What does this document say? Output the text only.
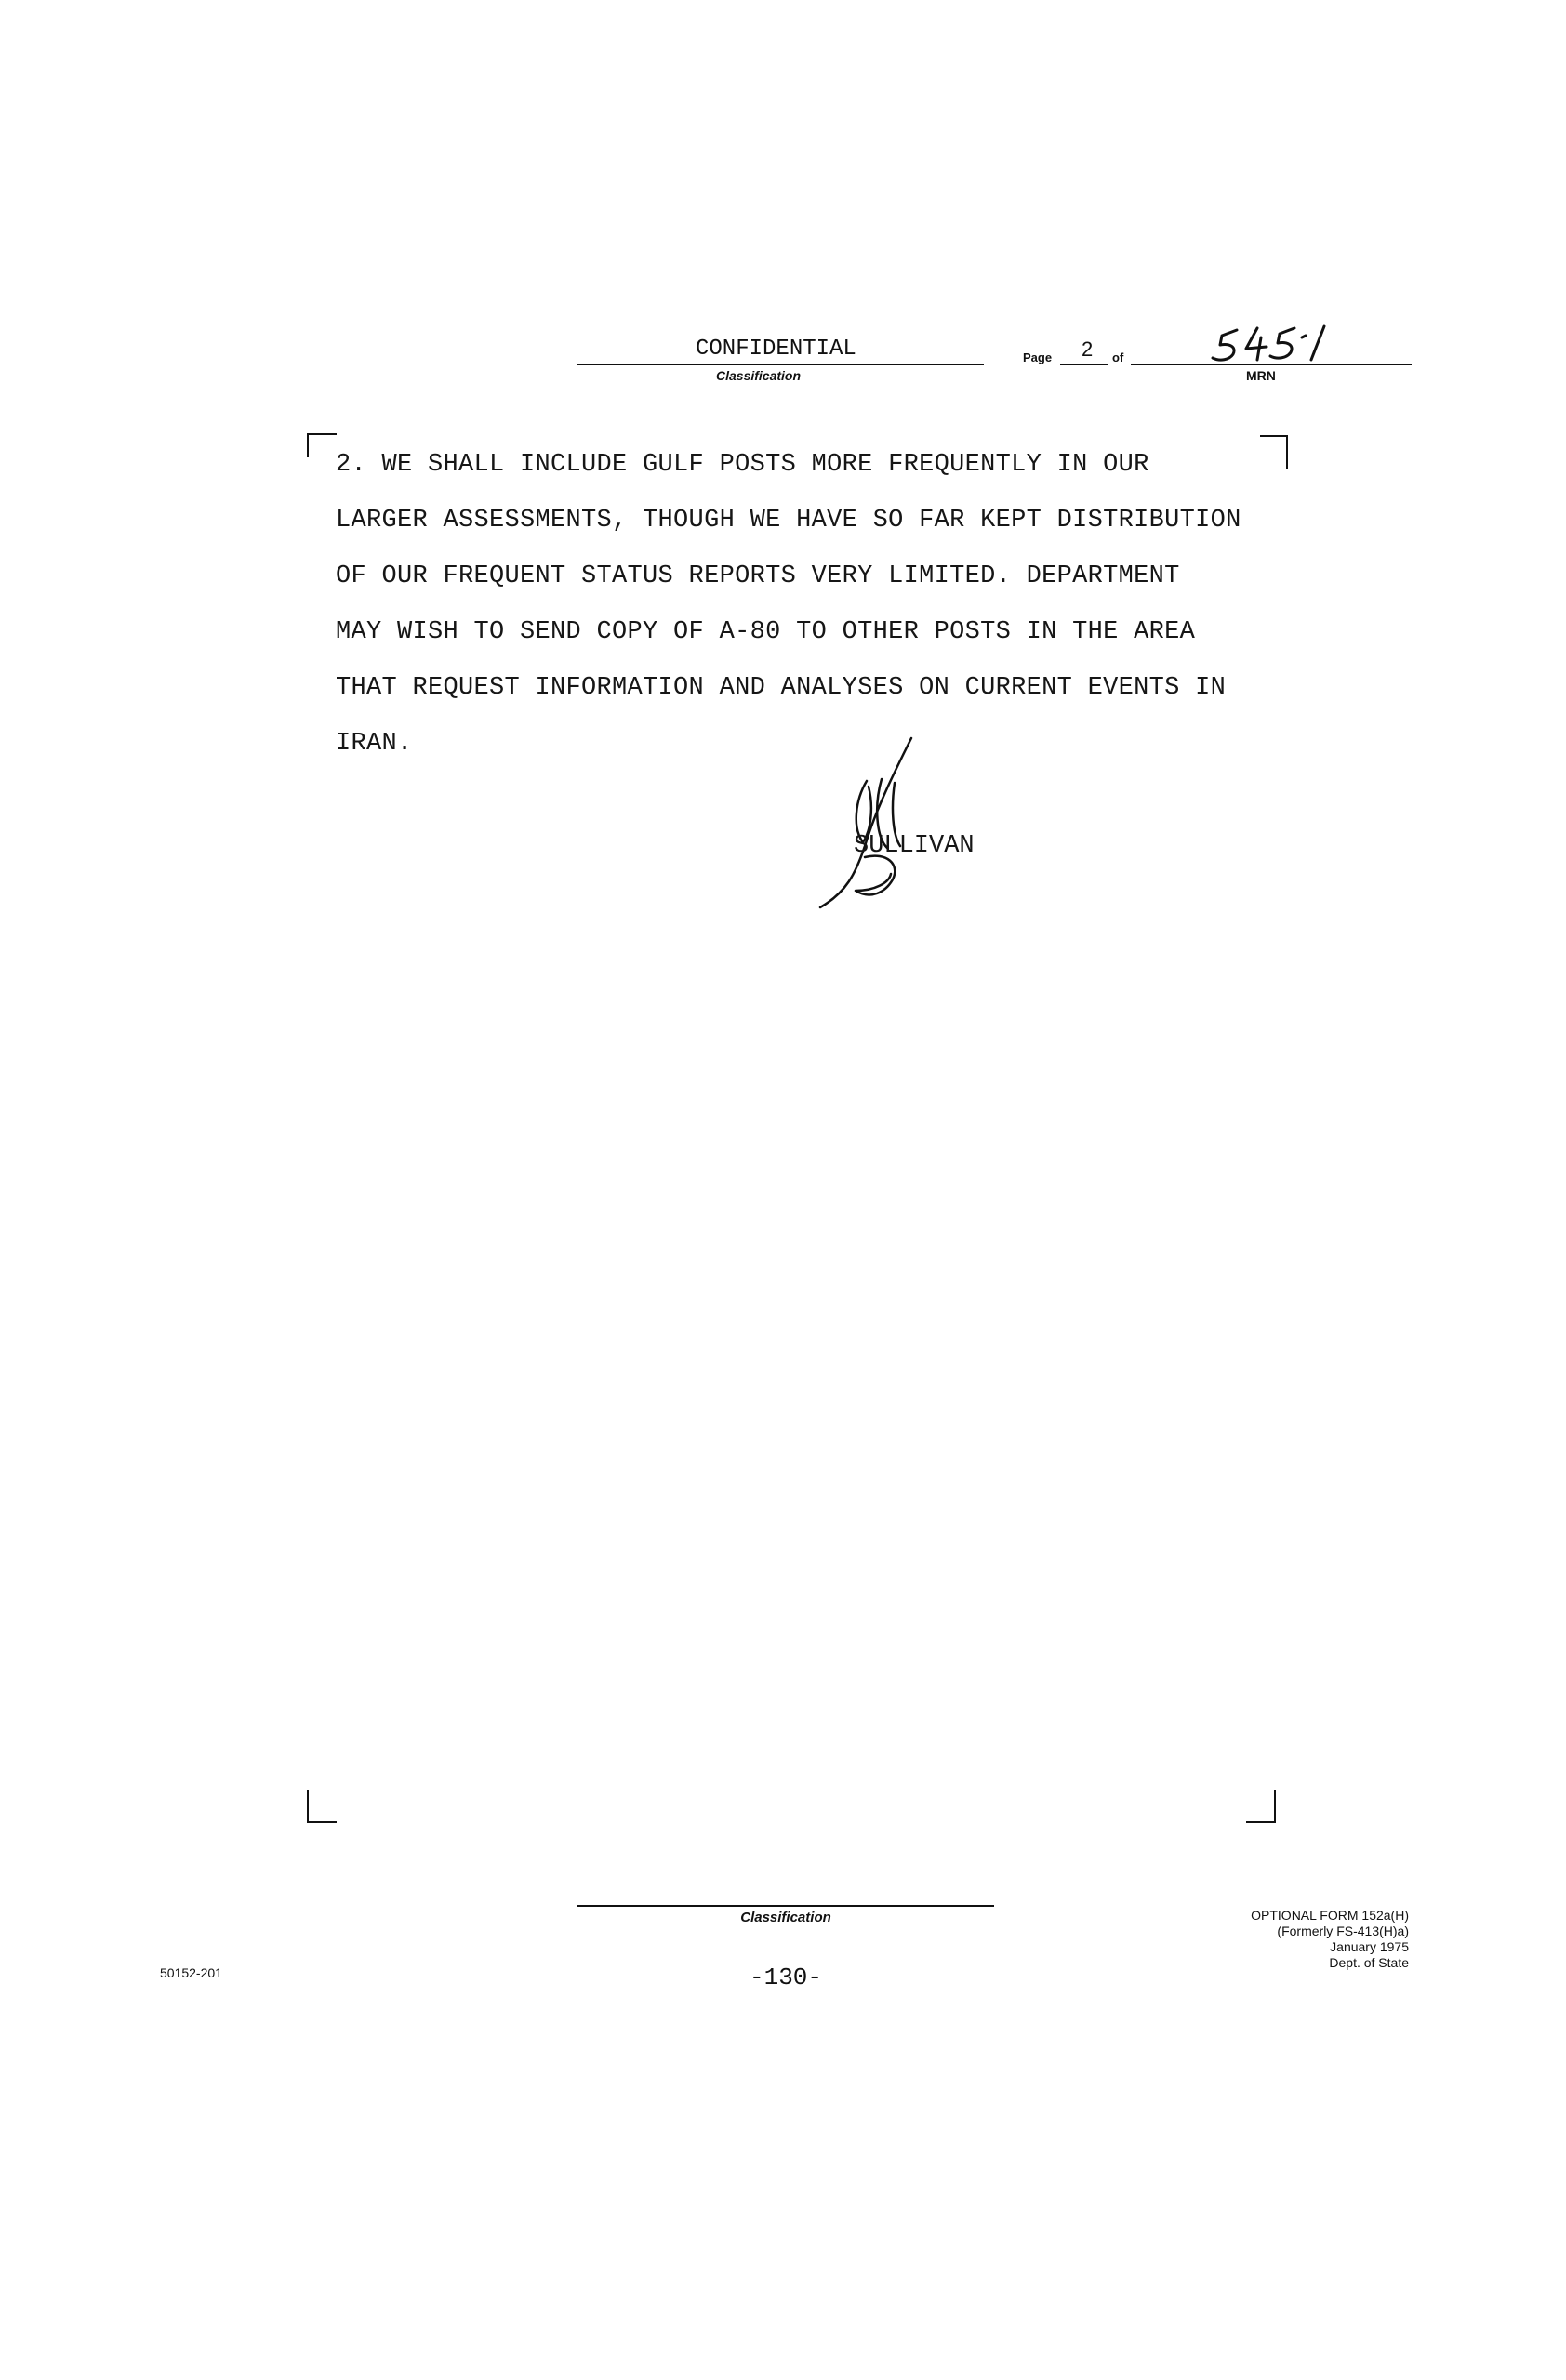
CONFIDENTIAL
Classification
Page 2 of
MRN
2. WE SHALL INCLUDE GULF POSTS MORE FREQUENTLY IN OUR
LARGER ASSESSMENTS, THOUGH WE HAVE SO FAR KEPT DISTRIBUTION
OF OUR FREQUENT STATUS REPORTS VERY LIMITED. DEPARTMENT
MAY WISH TO SEND COPY OF A-80 TO OTHER POSTS IN THE AREA
THAT REQUEST INFORMATION AND ANALYSES ON CURRENT EVENTS IN
IRAN.
SULLIVAN
Classification
-130-
50152-201
OPTIONAL FORM 152a(H)
(Formerly FS-413(H)a)
January 1975
Dept. of State
